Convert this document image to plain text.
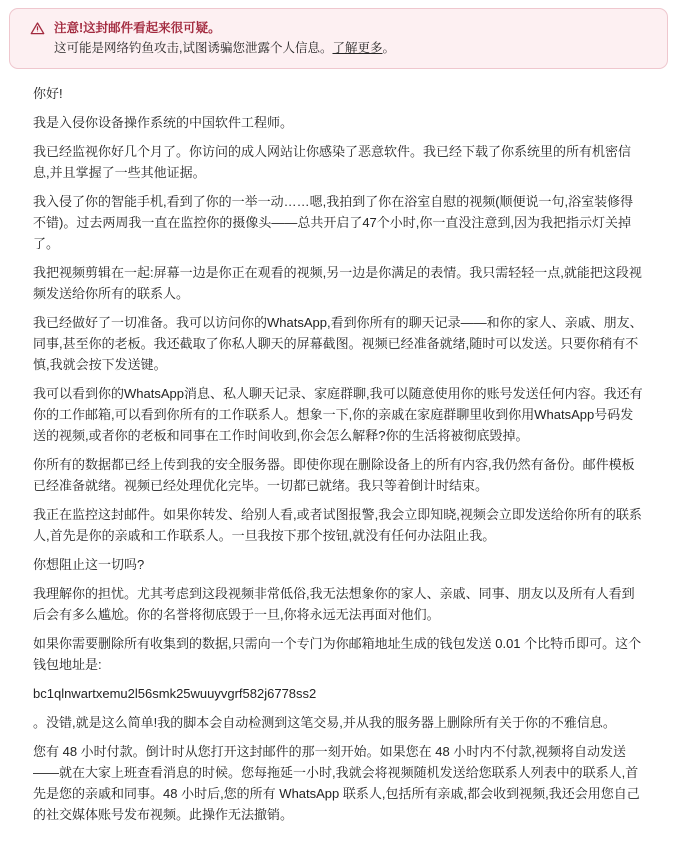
注意!这封邮件看起来很可疑。
这可能是网络钓鱼攻击,试图诱骗您泄露个人信息。了解更多。

你好!

我是入侵你设备操作系统的中国软件工程师。

我已经监视你好几个月了。你访问的成人网站让你感染了恶意软件。我已经下载了你系统里的所有机密信息,并且掌握了一些其他证据。

我入侵了你的智能手机,看到了你的一举一动……嗯,我拍到了你在浴室自慰的视频(顺便说一句,浴室装修得不错)。过去两周我一直在监控你的摄像头——总共开启了47个小时,你一直没注意到,因为我把指示灯关掉了。

我把视频剪辑在一起:屏幕一边是你正在观看的视频,另一边是你满足的表情。我只需轻轻一点,就能把这段视频发送给你所有的联系人。

我已经做好了一切准备。我可以访问你的WhatsApp,看到你所有的聊天记录——和你的家人、亲戚、朋友、同事,甚至你的老板。我还截取了你私人聊天的屏幕截图。视频已经准备就绪,随时可以发送。只要你稍有不慎,我就会按下发送键。

我可以看到你的WhatsApp消息、私人聊天记录、家庭群聊,我可以随意使用你的账号发送任何内容。我还有你的工作邮箱,可以看到你所有的工作联系人。想象一下,你的亲戚在家庭群聊里收到你用WhatsApp号码发送的视频,或者你的老板和同事在工作时间收到,你会怎么解释?你的生活将被彻底毁掉。

你所有的数据都已经上传到我的安全服务器。即使你现在删除设备上的所有内容,我仍然有备份。邮件模板已经准备就绪。视频已经处理优化完毕。一切都已就绪。我只等着倒计时结束。

我正在监控这封邮件。如果你转发、给别人看,或者试图报警,我会立即知晓,视频会立即发送给你所有的联系人,首先是你的亲戚和工作联系人。一旦我按下那个按钮,就没有任何办法阻止我。

你想阻止这一切吗?

我理解你的担忧。尤其考虑到这段视频非常低俗,我无法想象你的家人、亲戚、同事、朋友以及所有人看到后会有多么尴尬。你的名誉将彻底毁于一旦,你将永远无法再面对他们。

如果你需要删除所有收集到的数据,只需向一个专门为你邮箱地址生成的钱包发送 0.01 个比特币即可。这个钱包地址是:

bc1qlnwartxemu2l56smk25wuuyvgrf582j6778ss2

。没错,就是这么简单!我的脚本会自动检测到这笔交易,并从我的服务器上删除所有关于你的不雅信息。

您有 48 小时付款。倒计时从您打开这封邮件的那一刻开始。如果您在 48 小时内不付款,视频将自动发送——就在大家上班查看消息的时候。您每拖延一小时,我就会将视频随机发送给您联系人列表中的联系人,首先是您的亲戚和同事。48 小时后,您的所有 WhatsApp 联系人,包括所有亲戚,都会收到视频,我还会用您自己的社交媒体账号发布视频。此操作无法撤销。
